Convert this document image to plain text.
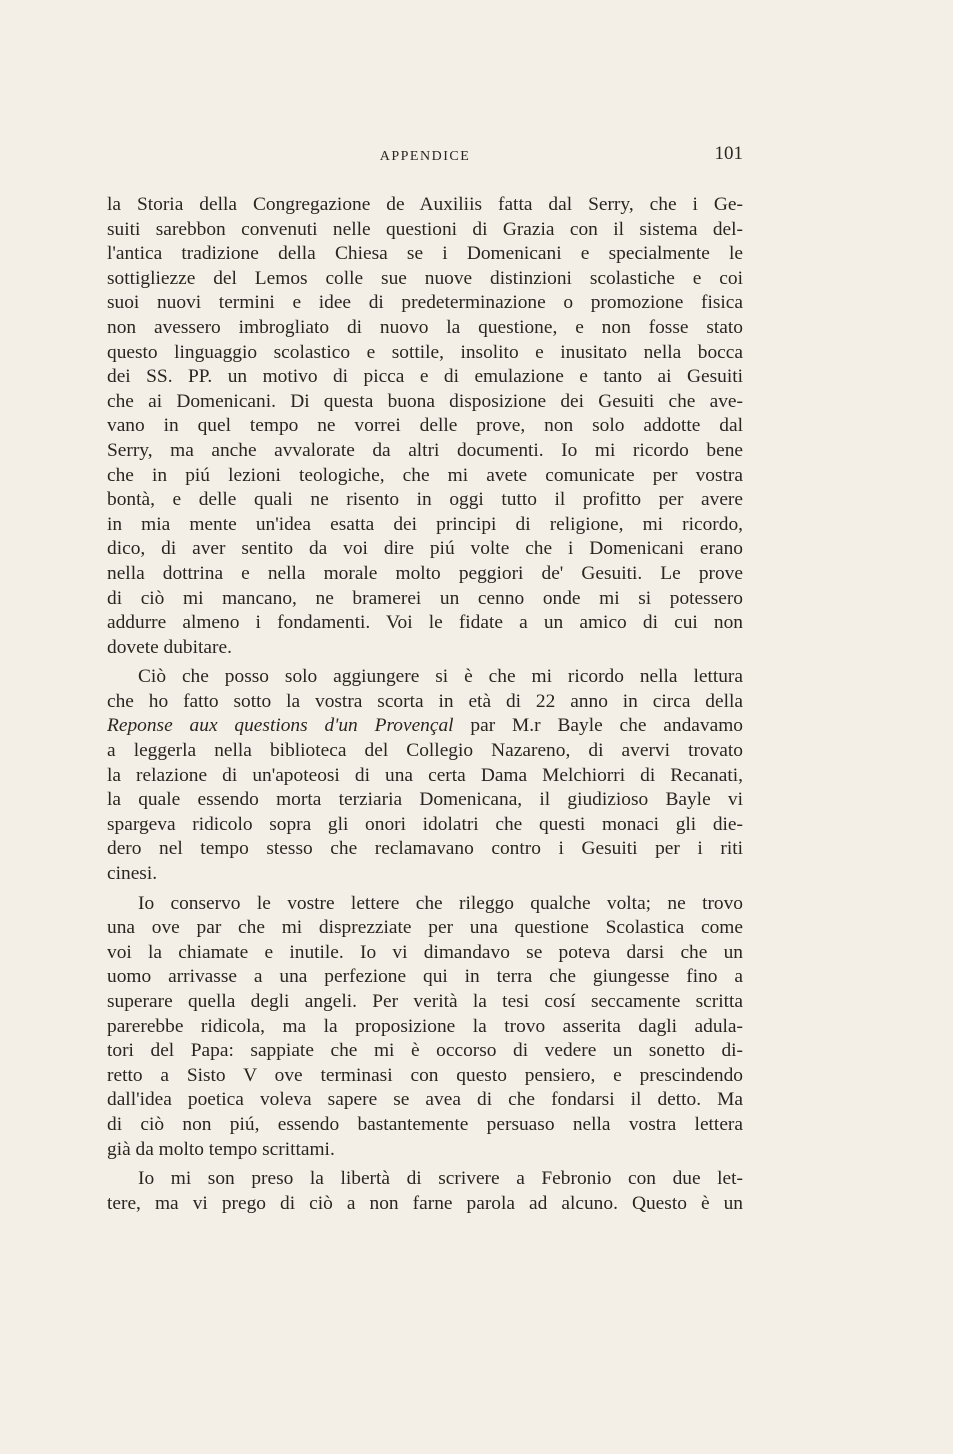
APPENDICE	101
la Storia della Congregazione de Auxiliis fatta dal Serry, che i Ge-
suiti sarebbon convenuti nelle questioni di Grazia con il sistema del-
l'antica tradizione della Chiesa se i Domenicani e specialmente le
sottigliezze del Lemos colle sue nuove distinzioni scolastiche e coi
suoi nuovi termini e idee di predeterminazione o promozione fisica
non avessero imbrogliato di nuovo la questione, e non fosse stato
questo linguaggio scolastico e sottile, insolito e inusitato nella bocca
dei SS. PP. un motivo di picca e di emulazione e tanto ai Gesuiti
che ai Domenicani. Di questa buona disposizione dei Gesuiti che ave-
vano in quel tempo ne vorrei delle prove, non solo addotte dal
Serry, ma anche avvalorate da altri documenti. Io mi ricordo bene
che in piú lezioni teologiche, che mi avete comunicate per vostra
bontà, e delle quali ne risento in oggi tutto il profitto per avere
in mia mente un'idea esatta dei principi di religione, mi ricordo,
dico, di aver sentito da voi dire piú volte che i Domenicani erano
nella dottrina e nella morale molto peggiori de' Gesuiti. Le prove
di ciò mi mancano, ne bramerei un cenno onde mi si potessero
addurre almeno i fondamenti. Voi le fidate a un amico di cui non
dovete dubitare.
Ciò che posso solo aggiungere si è che mi ricordo nella lettura
che ho fatto sotto la vostra scorta in età di 22 anno in circa della
Reponse aux questions d'un Provençal par M.r Bayle che andavamo
a leggerla nella biblioteca del Collegio Nazareno, di avervi trovato
la relazione di un'apoteosi di una certa Dama Melchiorri di Recanati,
la quale essendo morta terziaria Domenicana, il giudizioso Bayle vi
spargeva ridicolo sopra gli onori idolatri che questi monaci gli die-
dero nel tempo stesso che reclamavano contro i Gesuiti per i riti
cinesi.
Io conservo le vostre lettere che rileggo qualche volta; ne trovo
una ove par che mi disprezziate per una questione Scolastica come
voi la chiamate e inutile. Io vi dimandavo se poteva darsi che un
uomo arrivasse a una perfezione qui in terra che giungesse fino a
superare quella degli angeli. Per verità la tesi cosí seccamente scritta
parerebbe ridicola, ma la proposizione la trovo asserita dagli adula-
tori del Papa: sappiate che mi è occorso di vedere un sonetto di-
retto a Sisto V ove terminasi con questo pensiero, e prescindendo
dall'idea poetica voleva sapere se avea di che fondarsi il detto. Ma
di ciò non piú, essendo bastantemente persuaso nella vostra lettera
già da molto tempo scrittami.
Io mi son preso la libertà di scrivere a Febronio con due let-
tere, ma vi prego di ciò a non farne parola ad alcuno. Questo è un
